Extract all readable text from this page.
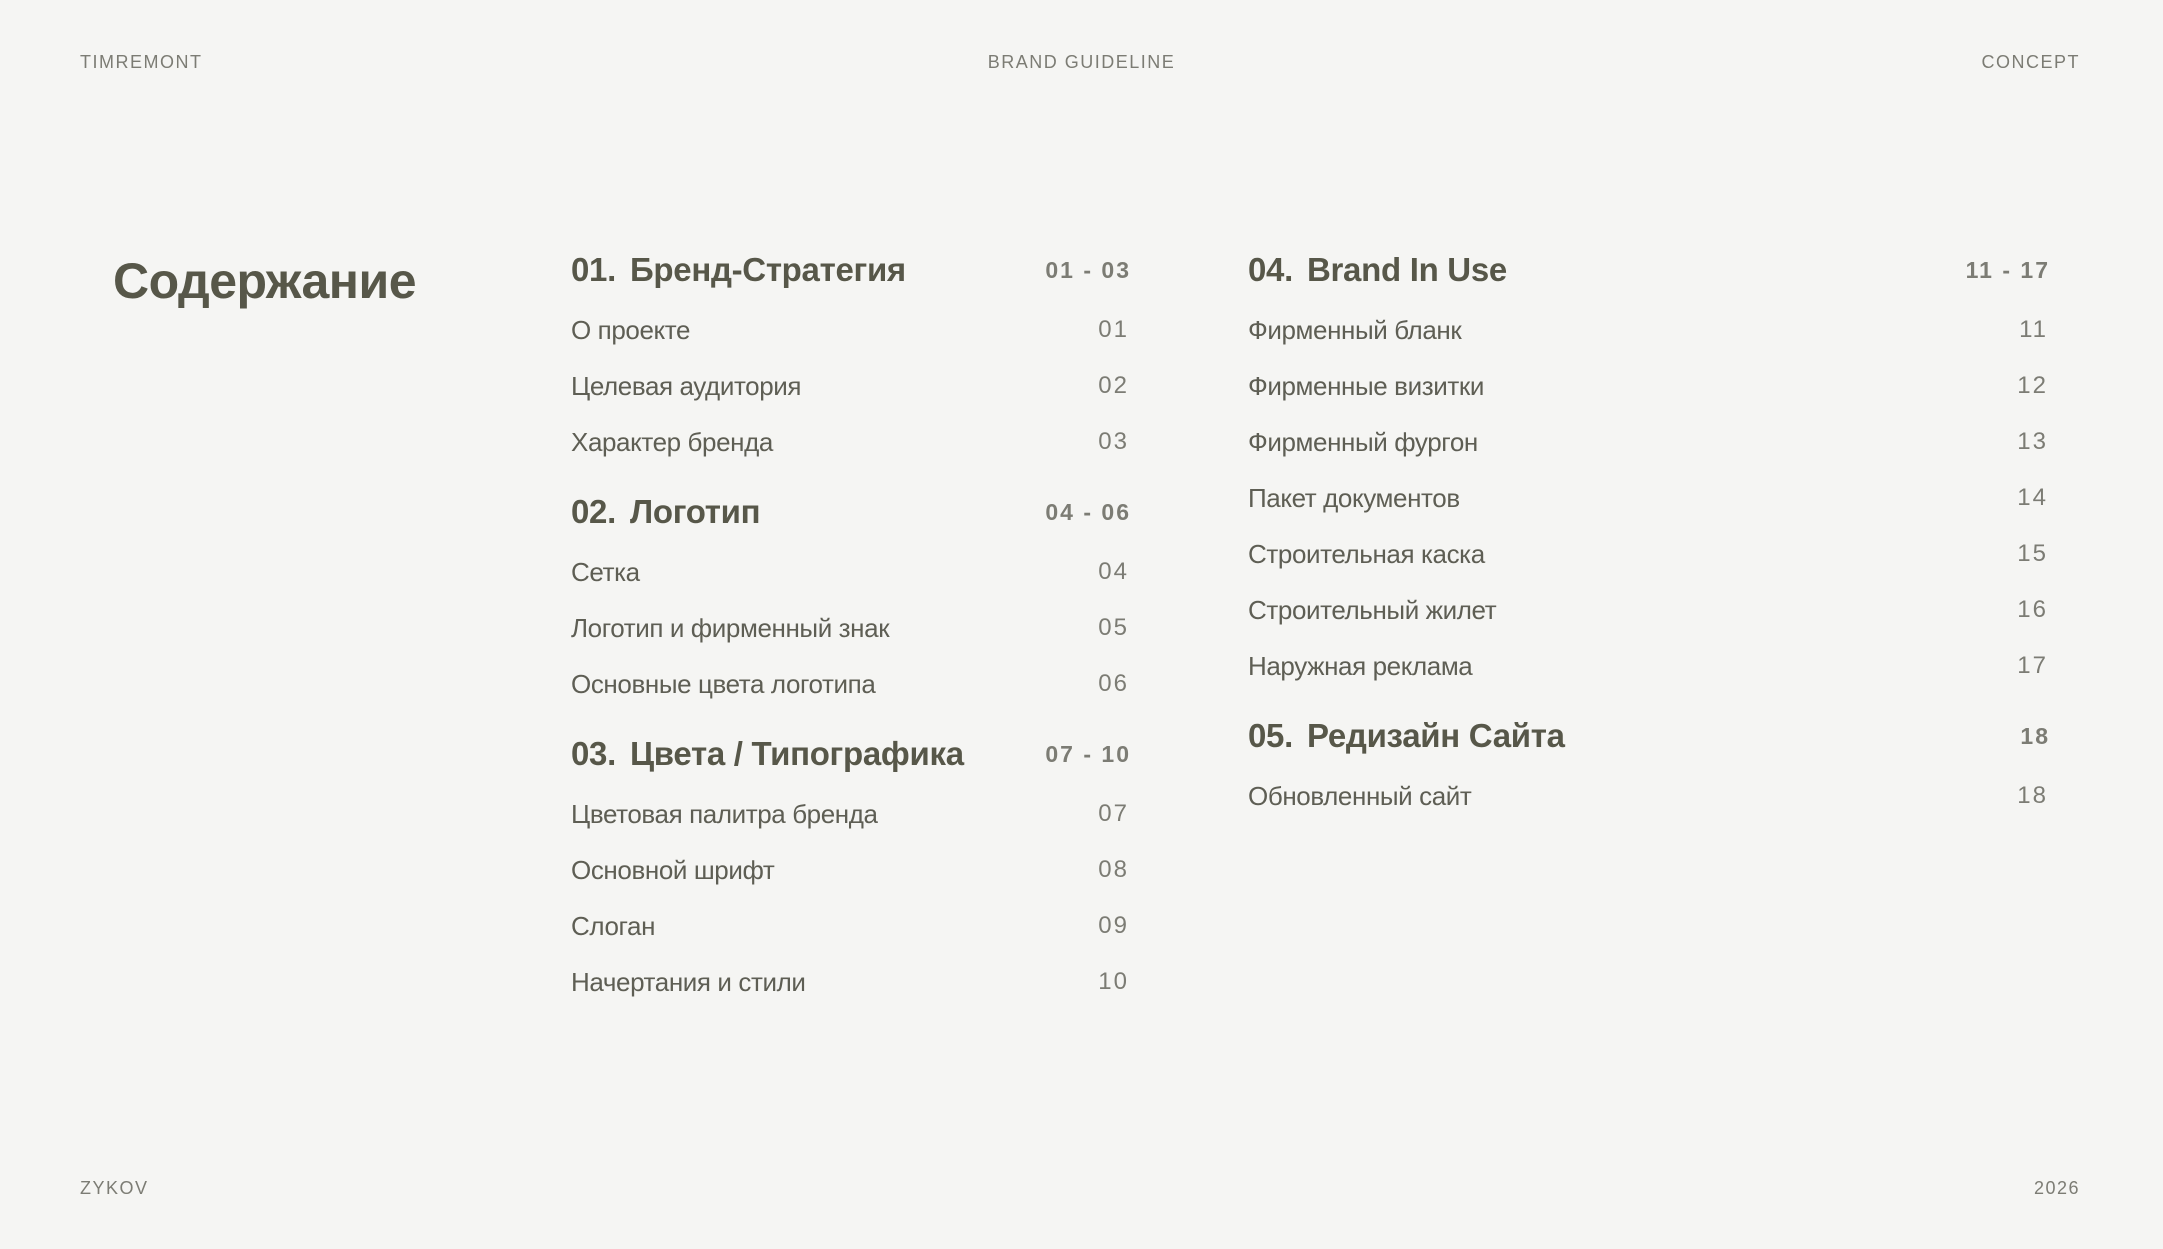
TIMREMONT	BRAND GUIDELINE	CONCEPT
ZYKOV	2026
Содержание	01. Бренд-Стратегия	01 - 03
О проекте	01
Целевая аудитория	02
Характер бренда	03
02. Логотип	04 - 06
Сетка	04
Логотип и фирменный знак	05
Основные цвета логотипа	06
03. Цвета / Типографика	07 - 10
Цветовая палитра бренда	07
Основной шрифт	08
Слоган	09
Начертания и стили	10
04. Brand In Use	11 - 17
Фирменный бланк	11
Фирменные визитки	12
Фирменный фургон	13
Пакет документов	14
Строительная каска	15
Строительный жилет	16
Наружная реклама	17
05. Редизайн Сайта	18
Обновленный сайт	18
